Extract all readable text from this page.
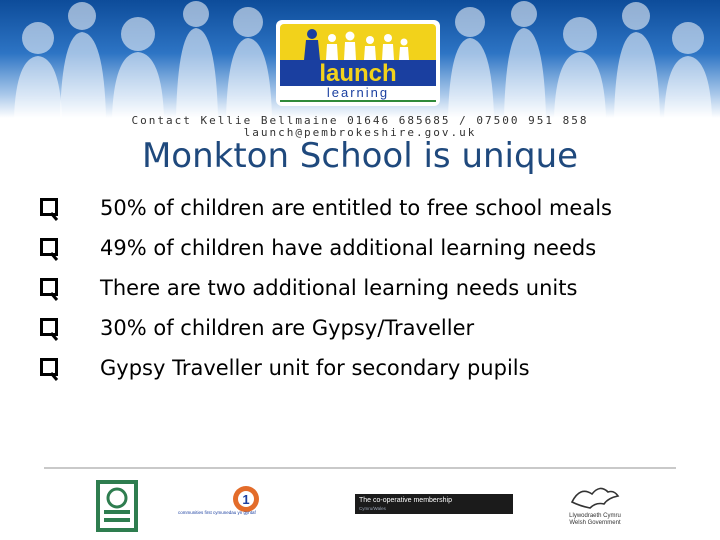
launch
learning
Contact Kellie Bellmaine 01646 685685 / 07500 951 858
launch@pembrokeshire.gov.uk
Monkton School is unique
50% of children are entitled to free school meals
49% of children have additional learning needs
There are two additional learning needs units
30% of children are Gypsy/Traveller
Gypsy Traveller unit for secondary pupils
1
communities first cymunedau yn gyntaf
The co-operative membership
Cymru/Wales
Llywodraeth Cymru
Welsh Government
